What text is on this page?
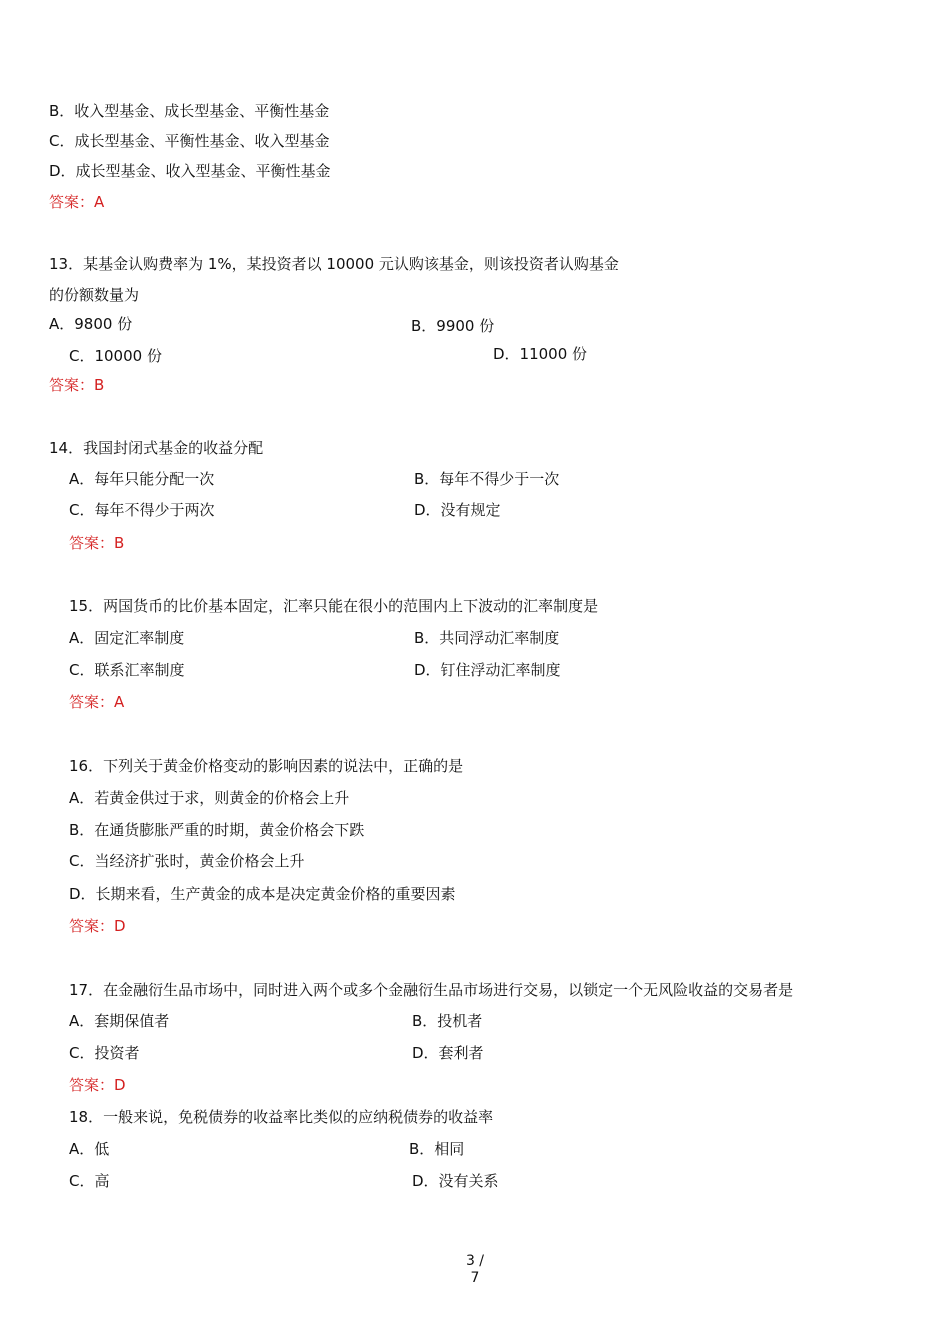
B．收入型基金、成长型基金、平衡性基金
C．成长型基金、平衡性基金、收入型基金
D．成长型基金、收入型基金、平衡性基金
答案：A
13．某基金认购费率为 1%，某投资者以 10000 元认购该基金，则该投资者认购基金
的份额数量为
A．9800 份	B．9900 份
C．10000 份	D．11000 份
答案：B
14．我国封闭式基金的收益分配
A．每年只能分配一次	B．每年不得少于一次
C．每年不得少于两次	D．没有规定
答案：B
15．两国货币的比价基本固定，汇率只能在很小的范围内上下波动的汇率制度是
A．固定汇率制度	B．共同浮动汇率制度
C．联系汇率制度	D．钉住浮动汇率制度
答案：A
16．下列关于黄金价格变动的影响因素的说法中，正确的是
A．若黄金供过于求，则黄金的价格会上升
B．在通货膨胀严重的时期，黄金价格会下跌
C．当经济扩张时，黄金价格会上升
D．长期来看，生产黄金的成本是决定黄金价格的重要因素
答案：D
17．在金融衍生品市场中，同时进入两个或多个金融衍生品市场进行交易，以锁定一个无风险收益的交易者是
A．套期保值者	B．投机者
C．投资者	D．套利者
答案：D
18．一般来说，免税债券的收益率比类似的应纳税债券的收益率
A．低	B．相同
C．高	D．没有关系
3 /
7
